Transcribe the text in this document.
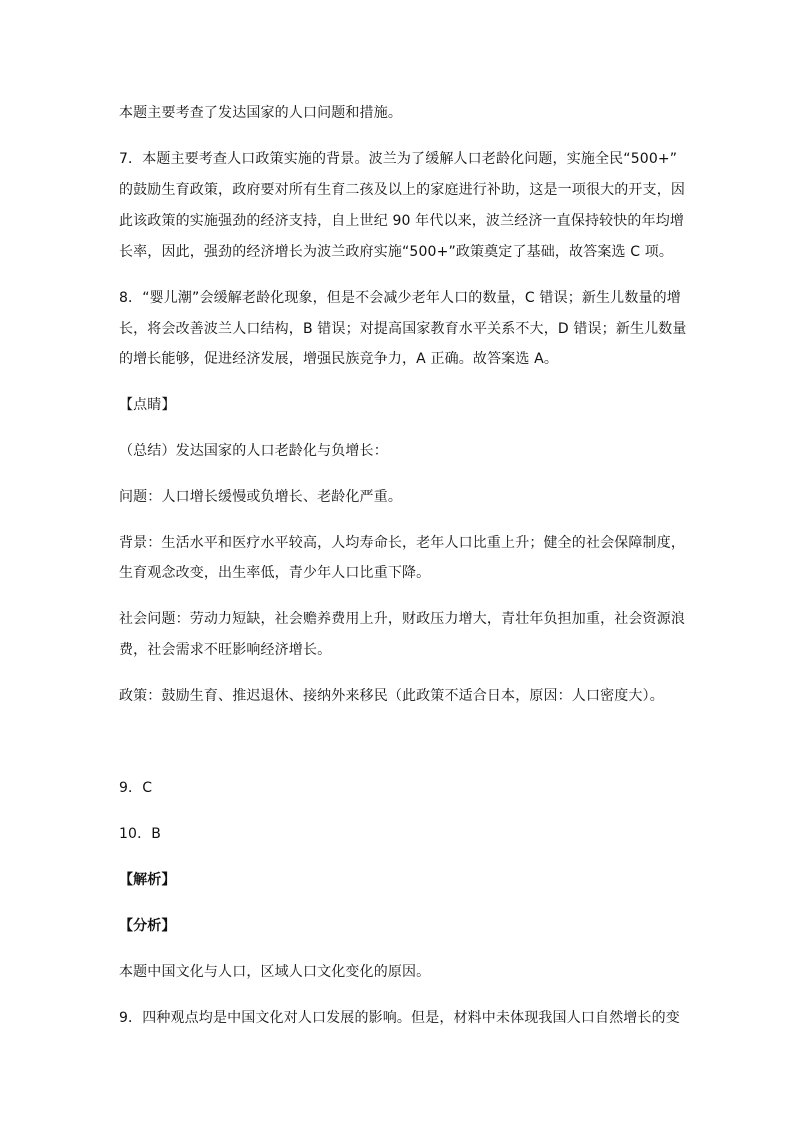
本题主要考查了发达国家的人口问题和措施。
7．本题主要考查人口政策实施的背景。波兰为了缓解人口老龄化问题，实施全民“500+”
的鼓励生育政策，政府要对所有生育二孩及以上的家庭进行补助，这是一项很大的开支，因
此该政策的实施强劲的经济支持，自上世纪 90 年代以来，波兰经济一直保持较快的年均增
长率，因此，强劲的经济增长为波兰政府实施“500+”政策奠定了基础，故答案选 C 项。
8．“婴儿潮”会缓解老龄化现象，但是不会减少老年人口的数量，C 错误；新生儿数量的增
长，将会改善波兰人口结构，B 错误；对提高国家教育水平关系不大，D 错误；新生儿数量
的增长能够，促进经济发展，增强民族竞争力，A 正确。故答案选 A。
【点睛】
（总结）发达国家的人口老龄化与负增长：
问题：人口增长缓慢或负增长、老龄化严重。
背景：生活水平和医疗水平较高，人均寿命长，老年人口比重上升；健全的社会保障制度，
生育观念改变，出生率低，青少年人口比重下降。
社会问题：劳动力短缺，社会赡养费用上升，财政压力增大，青壮年负担加重，社会资源浪
费，社会需求不旺影响经济增长。
政策：鼓励生育、推迟退休、接纳外来移民（此政策不适合日本，原因：人口密度大）。
9．C
10．B
【解析】
【分析】
本题中国文化与人口，区域人口文化变化的原因。
9．四种观点均是中国文化对人口发展的影响。但是，材料中未体现我国人口自然增长的变
